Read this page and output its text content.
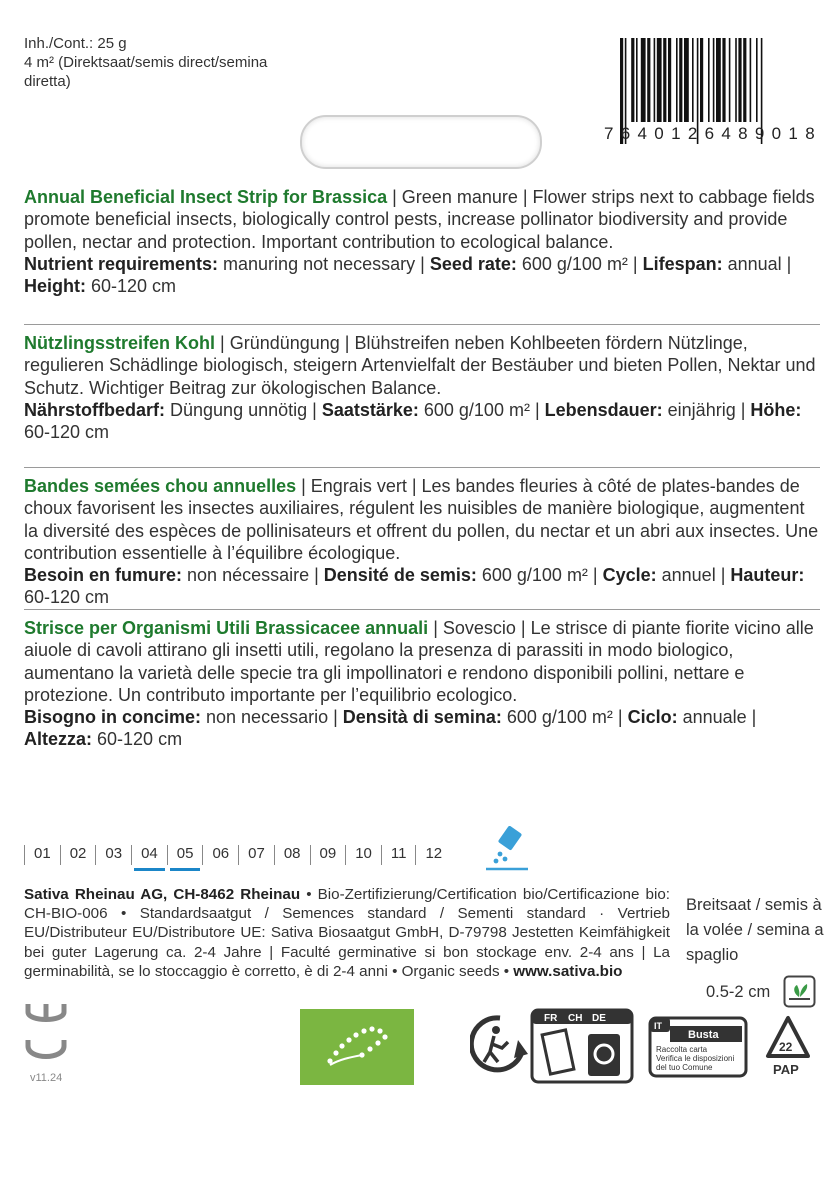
Inh./Cont.: 25 g
4 m² (Direktsaat/semis direct/semina
diretta)
7 6 4 0 1 2 6 4 8 9 0 1 8
Annual Beneficial Insect Strip for Brassica | Green manure | Flower strips next to cabbage fields promote beneficial insects, biologically control pests, increase pollinator biodiversity and provide pollen, nectar and protection. Important contribution to ecological balance.
Nutrient requirements: manuring not necessary | Seed rate: 600 g/100 m² | Lifespan: annual | Height: 60-120 cm
Nützlingsstreifen Kohl | Gründüngung | Blühstreifen neben Kohlbeeten fördern Nützlinge, regulieren Schädlinge biologisch, steigern Artenvielfalt der Bestäuber und bieten Pollen, Nektar und Schutz. Wichtiger Beitrag zur ökologischen Balance.
Nährstoffbedarf: Düngung unnötig | Saatstärke: 600 g/100 m² | Lebensdauer: einjährig | Höhe: 60-120 cm
Bandes semées chou annuelles | Engrais vert | Les bandes fleuries à côté de plates-bandes de choux favorisent les insectes auxiliaires, régulent les nuisibles de manière biologique, augmentent la diversité des espèces de pollinisateurs et offrent du pollen, du nectar et un abri aux insectes. Une contribution essentielle à l’équilibre écologique.
Besoin en fumure: non nécessaire | Densité de semis: 600 g/100 m² | Cycle: annuel | Hauteur: 60-120 cm
Strisce per Organismi Utili Brassicacee annuali | Sovescio | Le strisce di piante fiorite vicino alle aiuole di cavoli attirano gli insetti utili, regolano la presenza di parassiti in modo biologico, aumentano la varietà delle specie tra gli impollinatori e rendono disponibili pollini, nettare e protezione. Un contributo importante per l’equilibrio ecologico.
Bisogno in concime: non necessario | Densità di semina: 600 g/100 m² | Ciclo: annuale | Altezza: 60-120 cm
01	02	03	04	05	06	07	08	09	10	11	12
Sativa Rheinau AG, CH-8462 Rheinau • Bio-Zertifizierung/Certification bio/Certificazione bio: CH-BIO-006 • Standardsaatgut / Semences standard / Sementi standard · Vertrieb EU/Distributeur EU/Distributore UE: Sativa Biosaatgut GmbH, D-79798 Jestetten Keimfähigkeit bei guter Lagerung ca. 2-4 Jahre | Faculté germinative si bon stockage env. 2-4 ans | La germinabilità, se lo stoccaggio è corretto, è di 2-4 anni • Organic seeds • www.sativa.bio
Breitsaat / semis à la volée / semina a spaglio
0.5-2 cm
v11.24
FR CH DE
IT
Busta
Raccolta carta
Verifica le disposizioni
del tuo Comune
22
PAP
